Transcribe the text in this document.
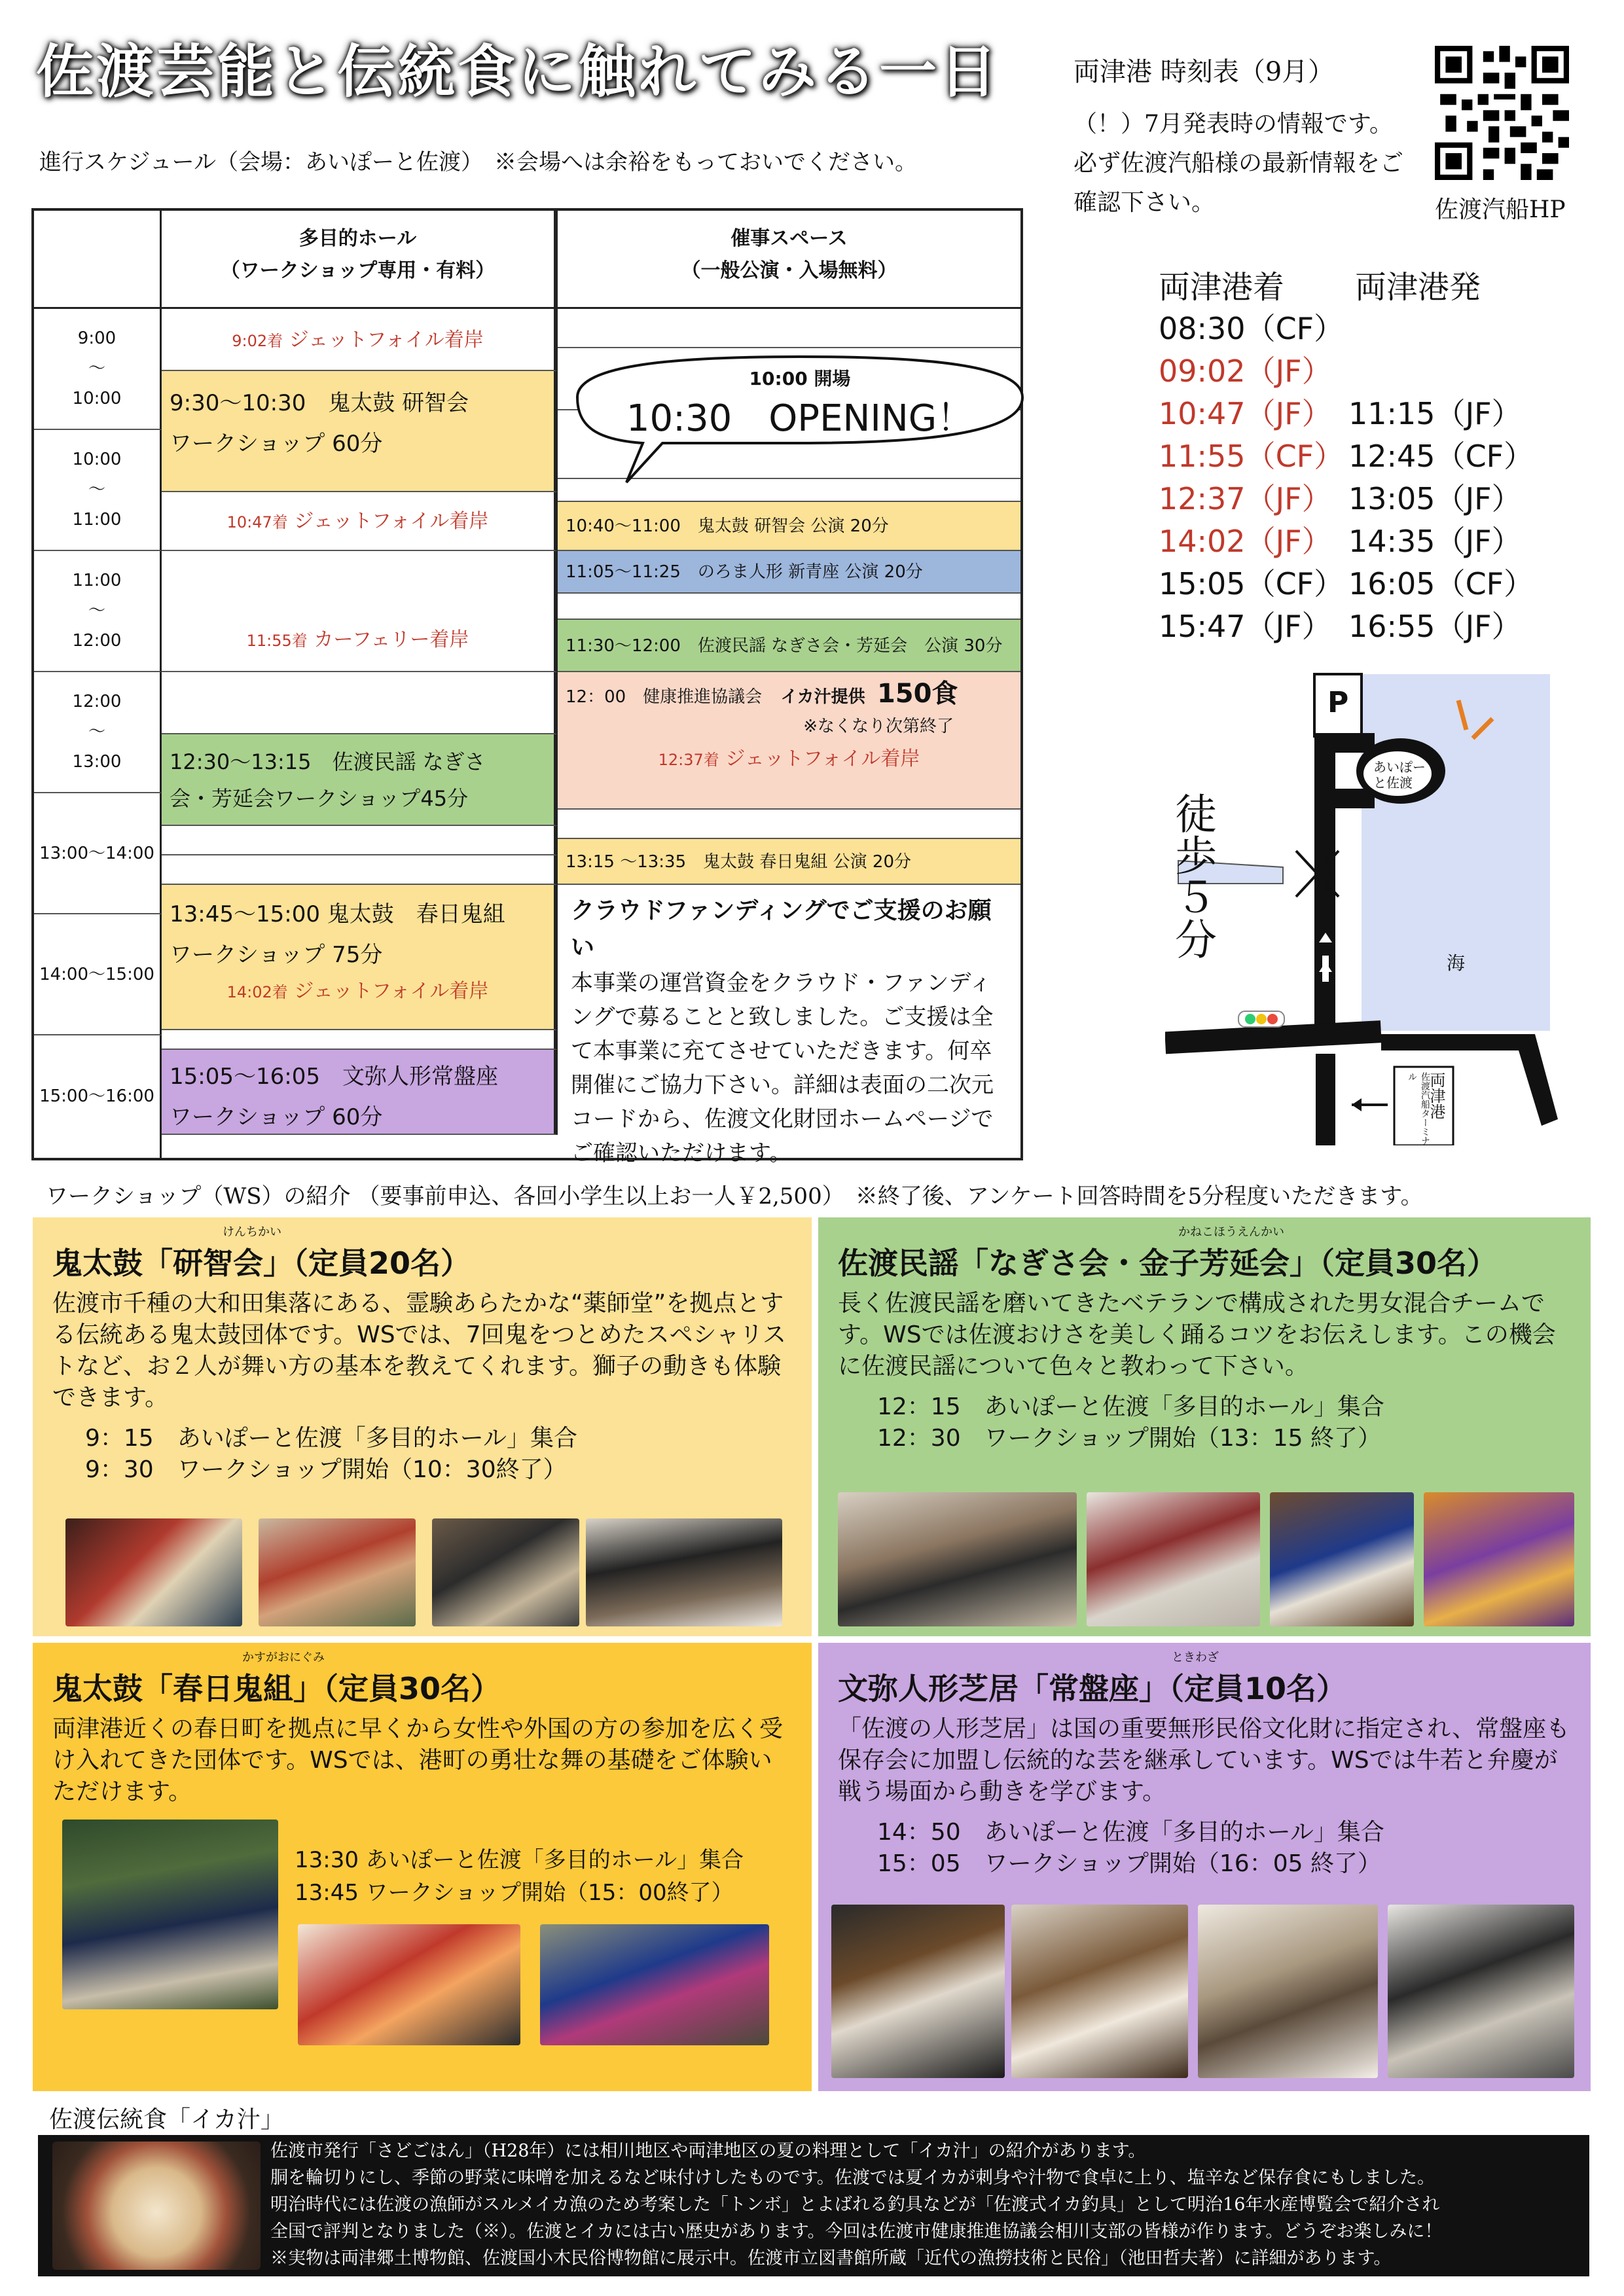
佐渡芸能と伝統食に触れてみる一日
進行スケジュール（会場：あいぽーと佐渡）　※会場へは余裕をもっておいでください。
多目的ホール
（ワークショップ専用・有料）
催事スペース
（一般公演・入場無料）
9:00
～
10:00
10:00
～
11:00
11:00
～
12:00
12:00
～
13:00
13:00～14:00
14:00～15:00
15:00～16:00
9:02着 ジェットフォイル着岸
9:30～10:30　鬼太鼓 研智会
ワークショップ 60分
10:47着 ジェットフォイル着岸
11:55着 カーフェリー着岸
12:30～13:15　佐渡民謡 なぎさ
会・芳延会ワークショップ45分
13:45～15:00 鬼太鼓　春日鬼組
ワークショップ 75分
14:02着 ジェットフォイル着岸
15:05～16:05　文弥人形常盤座
ワークショップ 60分
10:40～11:00　鬼太鼓 研智会 公演 20分
11:05～11:25　のろま人形 新青座 公演 20分
11:30～12:00　佐渡民謡 なぎさ会・芳延会　公演 30分
12：00　健康推進協議会 イカ汁提供 150食
※なくなり次第終了
12:37着 ジェットフォイル着岸
13:15 ～13:35　鬼太鼓 春日鬼組 公演 20分
クラウドファンディングでご支援のお願い
本事業の運営資金をクラウド・ファンディングで募ることと致しました。ご支援は全て本事業に充てさせていただきます。何卒開催にご協力下さい。詳細は表面の二次元コードから、佐渡文化財団ホームページでご確認いただけます。
10:00 開場
10:30　OPENING！
両津港 時刻表（9月）
（！）7月発表時の情報です。必ず佐渡汽船様の最新情報をご確認下さい。	佐渡汽船HP
両津港着 両津港発
08:30（CF）
09:02（JF）
10:47（JF） 11:15（JF）
11:55（CF） 12:45（CF）
12:37（JF） 13:05（JF）
14:02（JF） 14:35（JF）
15:05（CF） 16:05（CF）
15:47（JF） 16:55（JF）
P
あいぽーと佐渡
徒歩５分	両津大橋
海
両津港
佐渡汽船ターミナル
ワークショップ（WS）の紹介 （要事前申込、各回小学生以上お一人￥2,500）　※終了後、アンケート回答時間を5分程度いただきます。
けんちかい
鬼太鼓「研智会」（定員20名）

佐渡市千種の大和田集落にある、霊験あらたかな“薬師堂”を拠点とする伝統ある鬼太鼓団体です。WSでは、7回鬼をつとめたスペシャリストなど、お２人が舞い方の基本を教えてくれます。獅子の動きも体験できます。

9：15　あいぽーと佐渡「多目的ホール」集合

9：30　ワークショップ開始（10：30終了）

かねこほうえんかい
佐渡民謡「なぎさ会・金子芳延会」（定員30名）

長く佐渡民謡を磨いてきたベテランで構成された男女混合チームです。WSでは佐渡おけさを美しく踊るコツをお伝えします。この機会に佐渡民謡について色々と教わって下さい。

12：15　あいぽーと佐渡「多目的ホール」集合

12：30　ワークショップ開始（13：15 終了）

かすがおにぐみ
鬼太鼓「春日鬼組」（定員30名）

両津港近くの春日町を拠点に早くから女性や外国の方の参加を広く受け入れてきた団体です。WSでは、港町の勇壮な舞の基礎をご体験いただけます。

13:30 あいぽーと佐渡「多目的ホール」集合

13:45 ワークショップ開始（15：00終了）

ときわざ
文弥人形芝居「常盤座」（定員10名）

「佐渡の人形芝居」は国の重要無形民俗文化財に指定され、常盤座も保存会に加盟し伝統的な芸を継承しています。WSでは牛若と弁慶が戦う場面から動きを学びます。

14：50　あいぽーと佐渡「多目的ホール」集合

15：05　ワークショップ開始（16：05 終了）

佐渡伝統食「イカ汁」
佐渡市発行「さどごはん」（H28年）には相川地区や両津地区の夏の料理として「イカ汁」の紹介があります。
胴を輪切りにし、季節の野菜に味噌を加えるなど味付けしたものです。佐渡では夏イカが刺身や汁物で食卓に上り、塩辛など保存食にもしました。
明治時代には佐渡の漁師がスルメイカ漁のため考案した「トンボ」とよばれる釣具などが「佐渡式イカ釣具」として明治16年水産博覧会で紹介され
全国で評判となりました（※）。佐渡とイカには古い歴史があります。今回は佐渡市健康推進協議会相川支部の皆様が作ります。どうぞお楽しみに！
※実物は両津郷土博物館、佐渡国小木民俗博物館に展示中。佐渡市立図書館所蔵「近代の漁撈技術と民俗」（池田哲夫著）に詳細があります。
